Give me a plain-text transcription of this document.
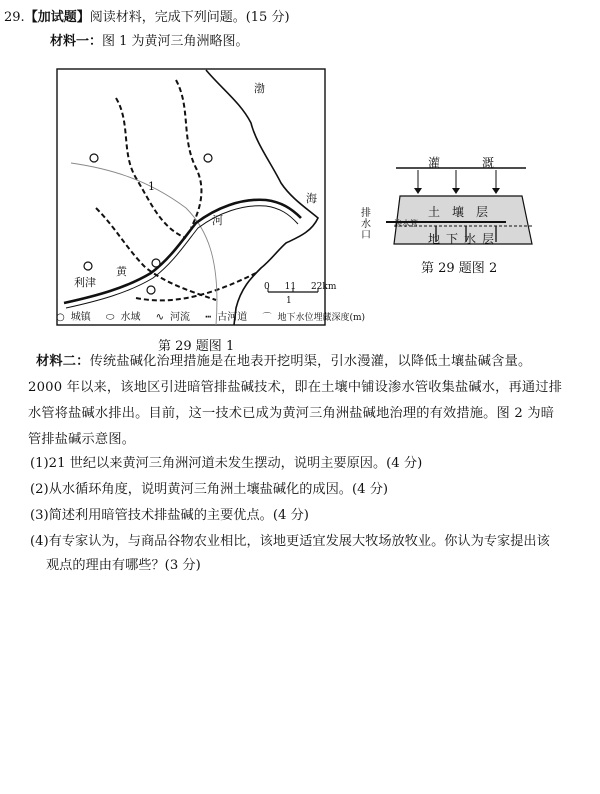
29.【加试题】阅读材料，完成下列问题。(15 分)
材料一：图 1 为黄河三角洲略图。
渤
海
河
黄
利津
1
0 11 22km
1
○ 城镇 ⬭ 水域 ∿ 河流 ┅ 古河道 ⌒ 地下水位埋藏深度(m)
第 29 题图 1
灌	溉
土 壤 层
排
水
口
渗水管
地下水层
第 29 题图 2
材料二：传统盐碱化治理措施是在地表开挖明渠，引水漫灌，以降低土壤盐碱含量。
2000 年以来，该地区引进暗管排盐碱技术，即在土壤中铺设渗水管收集盐碱水，再通过排
水管将盐碱水排出。目前，这一技术已成为黄河三角洲盐碱地治理的有效措施。图 2 为暗
管排盐碱示意图。
(1)21 世纪以来黄河三角洲河道未发生摆动，说明主要原因。(4 分)
(2)从水循环角度，说明黄河三角洲土壤盐碱化的成因。(4 分)
(3)简述利用暗管技术排盐碱的主要优点。(4 分)
(4)有专家认为，与商品谷物农业相比，该地更适宜发展大牧场放牧业。你认为专家提出该
观点的理由有哪些？(3 分)
